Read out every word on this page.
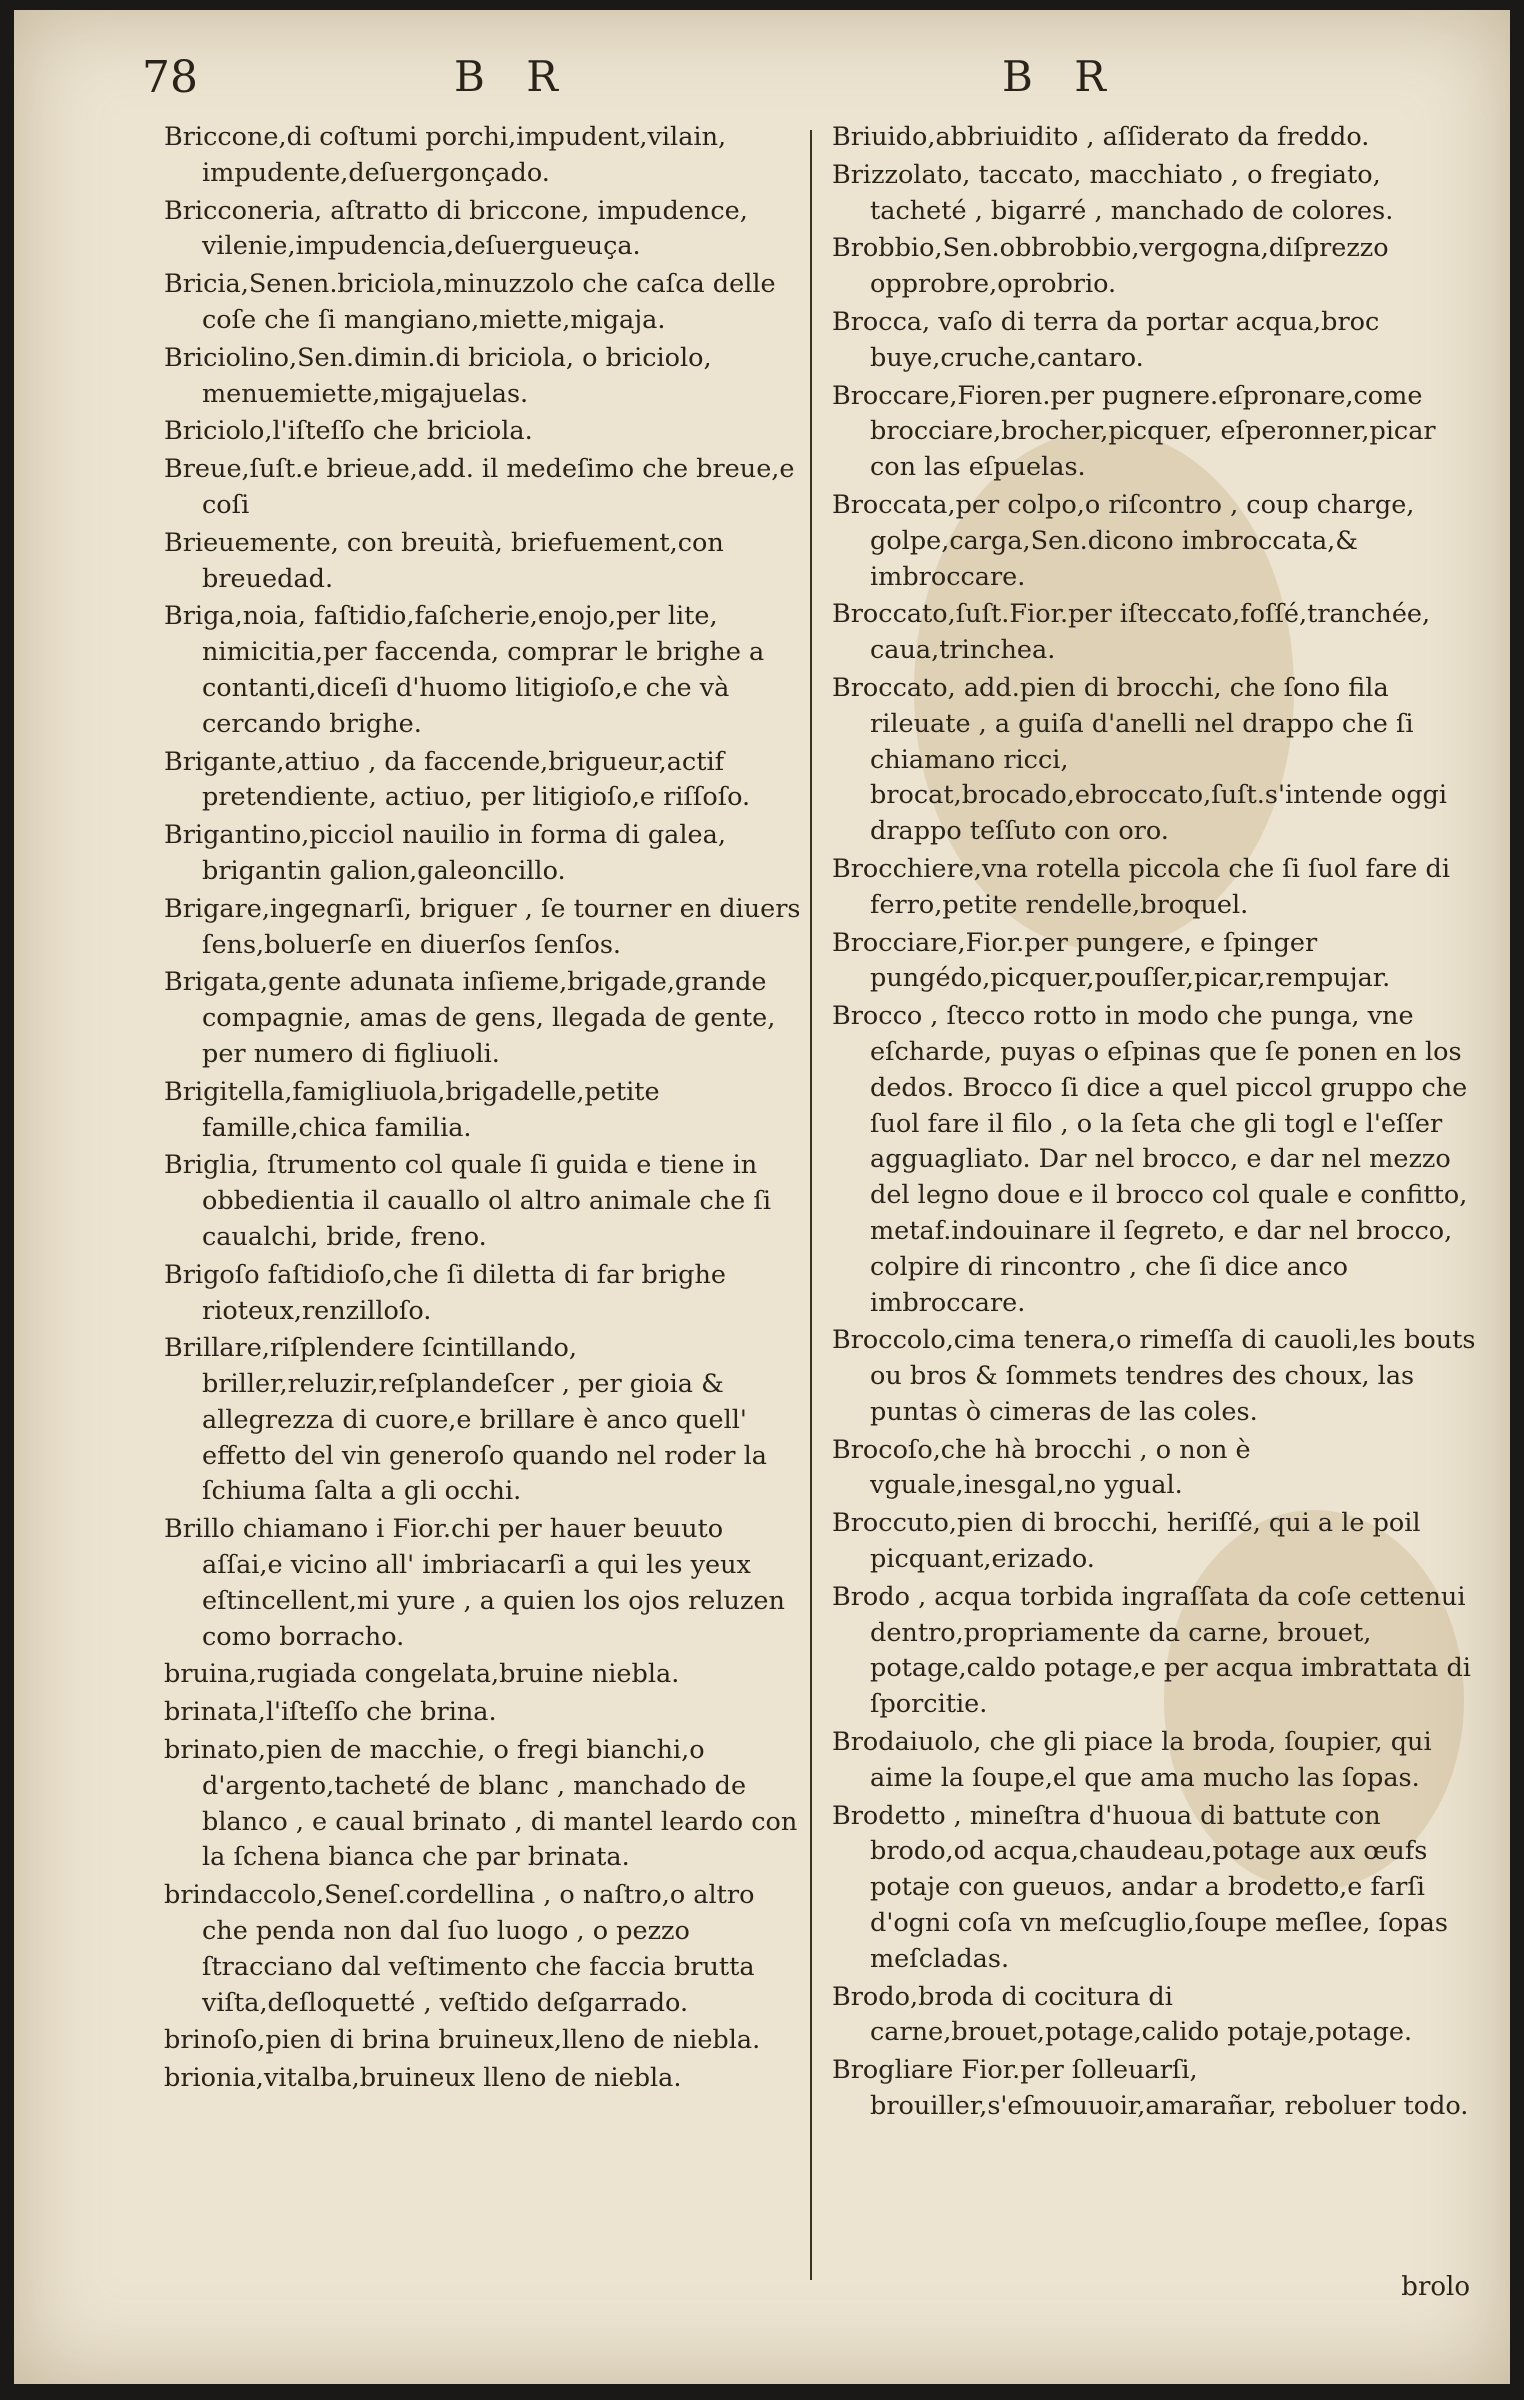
78	B R	B R

Briccone,di coſtumi porchi,impudent,vilain, impudente,deſuergonçado.

Bricconeria, aſtratto di briccone, impudence, vilenie,impudencia,deſuergueuça.

Bricia,Senen.briciola,minuzzolo che caſca delle coſe che ſi mangiano,miette,migaja.

Briciolino,Sen.dimin.di briciola, o briciolo, menuemiette,migajuelas.

Briciolo,l'iſteſſo che briciola.

Breue,ſuſt.e brieue,add. il medeſimo che breue,e coſi

Brieuemente, con breuità, briefuement,con breuedad.

Briga,noia, faſtidio,faſcherie,enojo,per lite, nimicitia,per faccenda, comprar le brighe a contanti,diceſi d'huomo litigioſo,e che và cercando brighe.

Brigante,attiuo , da faccende,brigueur,actif pretendiente, actiuo, per litigioſo,e riſſoſo.

Brigantino,picciol nauilio in forma di galea, brigantin galion,galeoncillo.

Brigare,ingegnarſi, briguer , ſe tourner en diuers ſens,boluerſe en diuerſos ſenſos.

Brigata,gente adunata inſieme,brigade,grande compagnie, amas de gens, llegada de gente, per numero di figliuoli.

Brigitella,famigliuola,brigadelle,petite famille,chica familia.

Briglia, ſtrumento col quale ſi guida e tiene in obbedientia il cauallo ol altro animale che ſi caualchi, bride, freno.

Brigoſo faſtidioſo,che ſi diletta di far brighe rioteux,renzilloſo.

Brillare,riſplendere ſcintillando, briller,reluzir,reſplandeſcer , per gioia & allegrezza di cuore,e brillare è anco quell' effetto del vin generoſo quando nel roder la ſchiuma ſalta a gli occhi.

Brillo chiamano i Fior.chi per hauer beuuto aſſai,e vicino all' imbriacarſi a qui les yeux eſtincellent,mi yure , a quien los ojos reluzen como borracho.

bruina,rugiada congelata,bruine niebla.

brinata,l'iſteſſo che brina.

brinato,pien de macchie, o fregi bianchi,o d'argento,tacheté de blanc , manchado de blanco , e caual brinato , di mantel leardo con la ſchena bianca che par brinata.

brindaccolo,Seneſ.cordellina , o naſtro,o altro che penda non dal ſuo luogo , o pezzo ſtracciano dal veſtimento che faccia brutta viſta,deſloquetté , veſtido deſgarrado.

brinoſo,pien di brina bruineux,lleno de niebla.

brionia,vitalba,bruineux lleno de niebla.

Briuido,abbriuidito , aſſiderato da freddo.

Brizzolato, taccato, macchiato , o fregiato, tacheté , bigarré , manchado de colores.

Brobbio,Sen.obbrobbio,vergogna,diſprezzo opprobre,oprobrio.

Brocca, vaſo di terra da portar acqua,broc buye,cruche,cantaro.

Broccare,Fioren.per pugnere.eſpronare,come brocciare,brocher,picquer, eſperonner,picar con las eſpuelas.

Broccata,per colpo,o riſcontro , coup charge, golpe,carga,Sen.dicono imbroccata,& imbroccare.

Broccato,ſuſt.Fior.per iſteccato,foſſé,tranchée, caua,trinchea.

Broccato, add.pien di brocchi, che ſono fila rileuate , a guiſa d'anelli nel drappo che ſi chiamano ricci, brocat,brocado,ebroccato,ſuſt.s'intende oggi drappo teſſuto con oro.

Brocchiere,vna rotella piccola che ſi ſuol fare di ferro,petite rendelle,broquel.

Brocciare,Fior.per pungere, e ſpinger pungédo,picquer,pouſſer,picar,rempujar.

Brocco , ſtecco rotto in modo che punga, vne eſcharde, puyas o eſpinas que ſe ponen en los dedos. Brocco ſi dice a quel piccol gruppo che ſuol fare il filo , o la ſeta che gli togl e l'eſſer agguagliato. Dar nel brocco, e dar nel mezzo del legno doue e il brocco col quale e confitto, metaf.indouinare il ſegreto, e dar nel brocco, colpire di rincontro , che ſi dice anco imbroccare.

Broccolo,cima tenera,o rimeſſa di cauoli,les bouts ou bros & ſommets tendres des choux, las puntas ò cimeras de las coles.

Brocoſo,che hà brocchi , o non è vguale,inesgal,no ygual.

Broccuto,pien di brocchi, heriſſé, qui a le poil picquant,erizado.

Brodo , acqua torbida ingraſſata da coſe cettenui dentro,propriamente da carne, brouet, potage,caldo potage,e per acqua imbrattata di ſporcitie.

Brodaiuolo, che gli piace la broda, ſoupier, qui aime la ſoupe,el que ama mucho las ſopas.

Brodetto , mineſtra d'huoua di battute con brodo,od acqua,chaudeau,potage aux œufs potaje con gueuos, andar a brodetto,e farſi d'ogni coſa vn meſcuglio,ſoupe meſlee, ſopas meſcladas.

Brodo,broda di cocitura di carne,brouet,potage,calido potaje,potage.

Brogliare Fior.per ſolleuarſi, brouiller,s'eſmouuoir,amarañar, reboluer todo.

brolo
